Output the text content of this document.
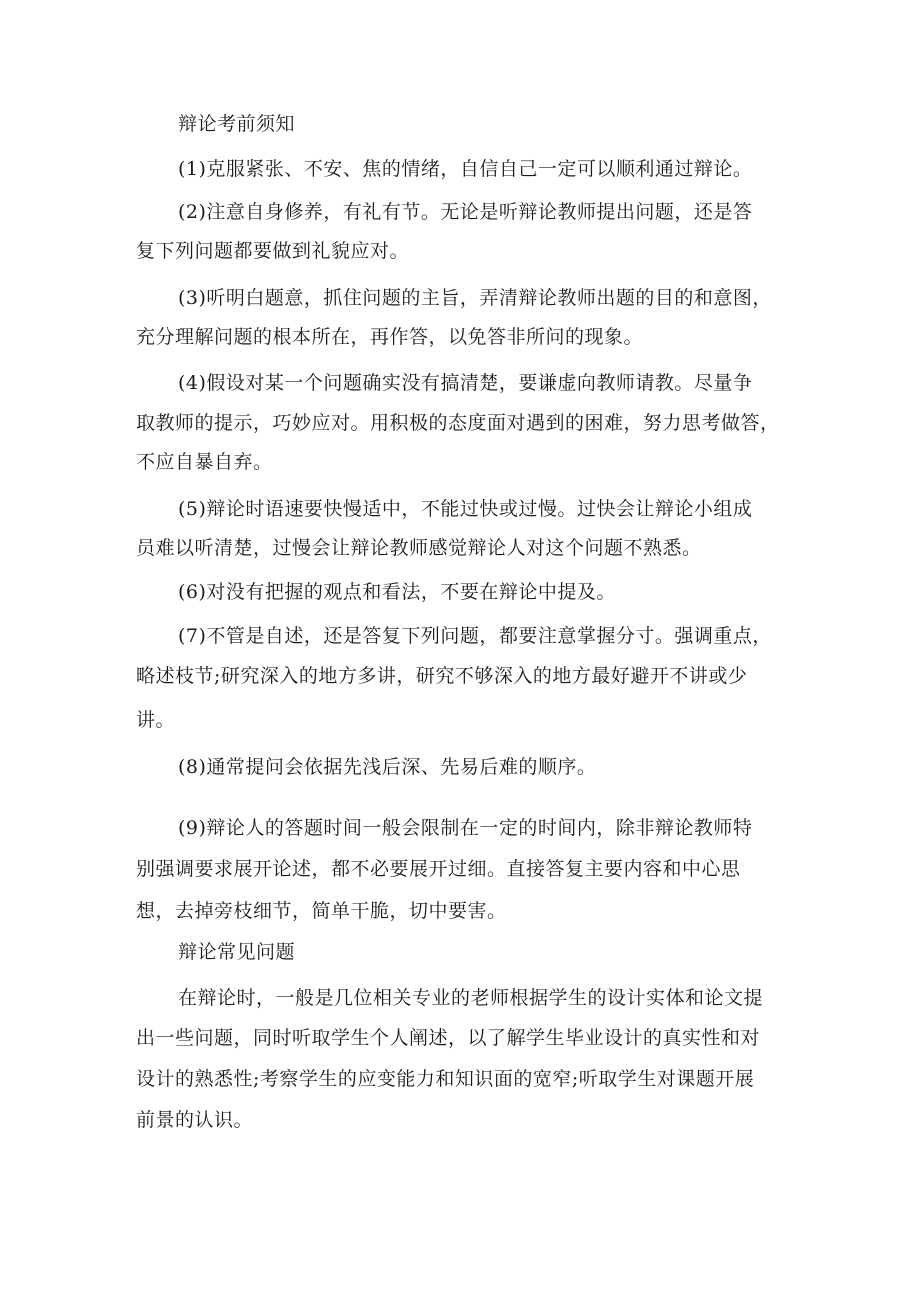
辩论考前须知
(1)克服紧张、不安、焦的情绪，自信自己一定可以顺利通过辩论。
(2)注意自身修养，有礼有节。无论是听辩论教师提出问题，还是答
复下列问题都要做到礼貌应对。
(3)听明白题意，抓住问题的主旨，弄清辩论教师出题的目的和意图，
充分理解问题的根本所在，再作答，以免答非所问的现象。
(4)假设对某一个问题确实没有搞清楚，要谦虚向教师请教。尽量争
取教师的提示，巧妙应对。用积极的态度面对遇到的困难，努力思考做答，
不应自暴自弃。
(5)辩论时语速要快慢适中，不能过快或过慢。过快会让辩论小组成
员难以听清楚，过慢会让辩论教师感觉辩论人对这个问题不熟悉。
(6)对没有把握的观点和看法，不要在辩论中提及。
(7)不管是自述，还是答复下列问题，都要注意掌握分寸。强调重点，
略述枝节;研究深入的地方多讲，研究不够深入的地方最好避开不讲或少
讲。
(8)通常提问会依据先浅后深、先易后难的顺序。
(9)辩论人的答题时间一般会限制在一定的时间内，除非辩论教师特
别强调要求展开论述，都不必要展开过细。直接答复主要内容和中心思
想，去掉旁枝细节，简单干脆，切中要害。
辩论常见问题
在辩论时，一般是几位相关专业的老师根据学生的设计实体和论文提
出一些问题，同时听取学生个人阐述，以了解学生毕业设计的真实性和对
设计的熟悉性;考察学生的应变能力和知识面的宽窄;听取学生对课题开展
前景的认识。
